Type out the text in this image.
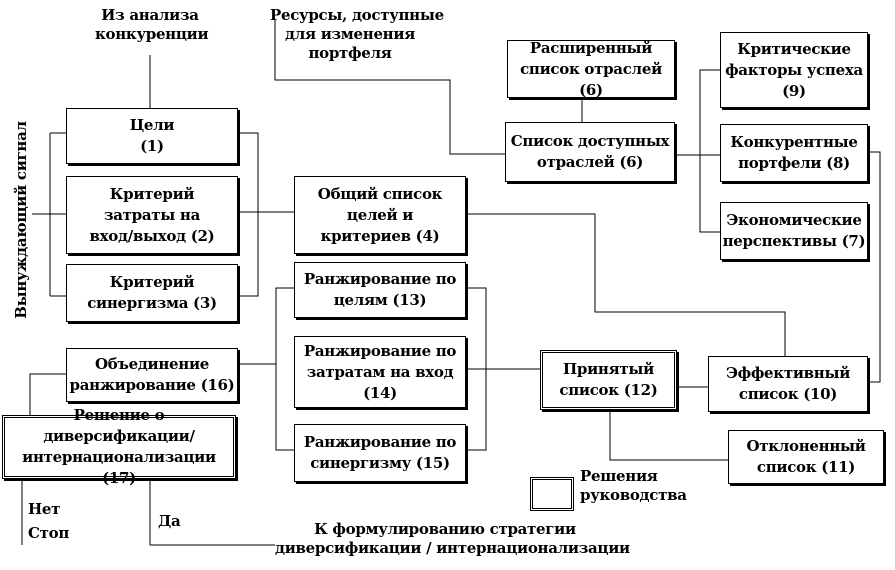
Из анализа
конкуренции
Ресурсы, доступные
для изменения
портфеля
Вынуждающий сигнал	Цели
(1)
Критерий
затраты на
вход/выход (2)
Критерий
синергизма (3)
Общий список
целей и
критериев (4)
Расширенный
список отраслей (6)
Список доступных
отраслей (6)
Критические
факторы успеха
(9)
Конкурентные
портфели (8)
Экономические
перспективы (7)
Ранжирование по
целям (13)
Ранжирование по
затратам на вход (14)
Ранжирование по
синергизму (15)
Объединение
ранжирование (16)
Решение о диверсификации/
интернационализации (17)
Принятый
список (12)
Эффективный
список (10)
Отклоненный
список (11)
Решения
руководства
Нет
Стоп
Да	К формулированию стратегии
диверсификации / интернационализации
